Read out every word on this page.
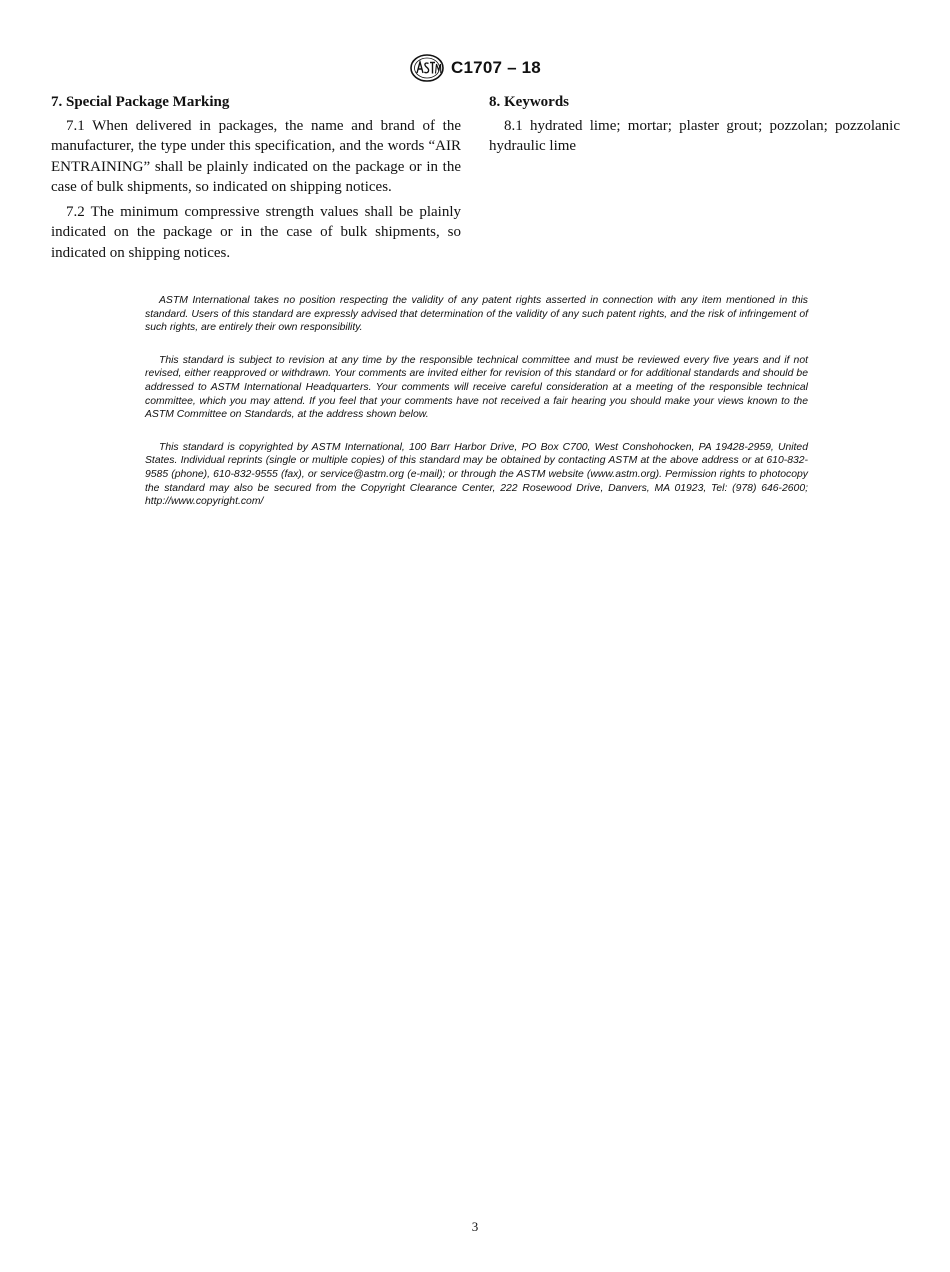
C1707 – 18
7. Special Package Marking

7.1 When delivered in packages, the name and brand of the manufacturer, the type under this specification, and the words “AIR ENTRAINING” shall be plainly indicated on the package or in the case of bulk shipments, so indicated on shipping notices.

7.2 The minimum compressive strength values shall be plainly indicated on the package or in the case of bulk shipments, so indicated on shipping notices.

8. Keywords

8.1 hydrated lime; mortar; plaster grout; pozzolan; pozzolanic hydraulic lime

ASTM International takes no position respecting the validity of any patent rights asserted in connection with any item mentioned in this standard. Users of this standard are expressly advised that determination of the validity of any such patent rights, and the risk of infringement of such rights, are entirely their own responsibility.

This standard is subject to revision at any time by the responsible technical committee and must be reviewed every five years and if not revised, either reapproved or withdrawn. Your comments are invited either for revision of this standard or for additional standards and should be addressed to ASTM International Headquarters. Your comments will receive careful consideration at a meeting of the responsible technical committee, which you may attend. If you feel that your comments have not received a fair hearing you should make your views known to the ASTM Committee on Standards, at the address shown below.

This standard is copyrighted by ASTM International, 100 Barr Harbor Drive, PO Box C700, West Conshohocken, PA 19428-2959, United States. Individual reprints (single or multiple copies) of this standard may be obtained by contacting ASTM at the above address or at 610-832-9585 (phone), 610-832-9555 (fax), or service@astm.org (e-mail); or through the ASTM website (www.astm.org). Permission rights to photocopy the standard may also be secured from the Copyright Clearance Center, 222 Rosewood Drive, Danvers, MA 01923, Tel: (978) 646-2600; http://www.copyright.com/

3
